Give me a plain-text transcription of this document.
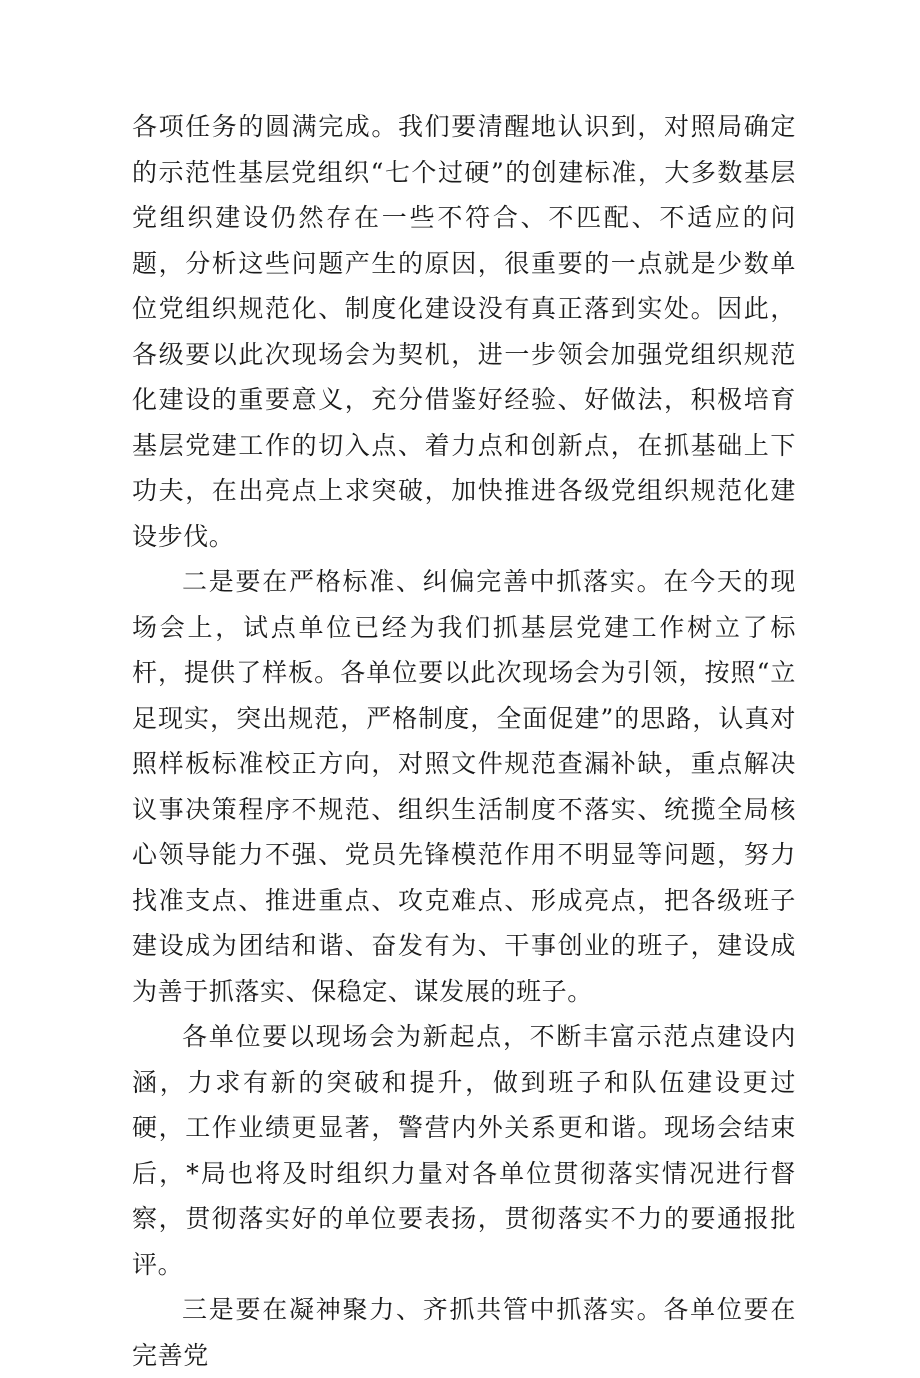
各项任务的圆满完成。我们要清醒地认识到，对照局确定的示范性基层党组织“七个过硬”的创建标准，大多数基层党组织建设仍然存在一些不符合、不匹配、不适应的问题，分析这些问题产生的原因，很重要的一点就是少数单位党组织规范化、制度化建设没有真正落到实处。因此，各级要以此次现场会为契机，进一步领会加强党组织规范化建设的重要意义，充分借鉴好经验、好做法，积极培育基层党建工作的切入点、着力点和创新点，在抓基础上下功夫，在出亮点上求突破，加快推进各级党组织规范化建设步伐。

二是要在严格标准、纠偏完善中抓落实。在今天的现场会上，试点单位已经为我们抓基层党建工作树立了标杆，提供了样板。各单位要以此次现场会为引领，按照“立足现实，突出规范，严格制度，全面促建”的思路，认真对照样板标准校正方向，对照文件规范查漏补缺，重点解决议事决策程序不规范、组织生活制度不落实、统揽全局核心领导能力不强、党员先锋模范作用不明显等问题，努力找准支点、推进重点、攻克难点、形成亮点，把各级班子建设成为团结和谐、奋发有为、干事创业的班子，建设成为善于抓落实、保稳定、谋发展的班子。

各单位要以现场会为新起点，不断丰富示范点建设内涵，力求有新的突破和提升，做到班子和队伍建设更过硬，工作业绩更显著，警营内外关系更和谐。现场会结束后，*局也将及时组织力量对各单位贯彻落实情况进行督察，贯彻落实好的单位要表扬，贯彻落实不力的要通报批评。

三是要在凝神聚力、齐抓共管中抓落实。各单位要在完善党
